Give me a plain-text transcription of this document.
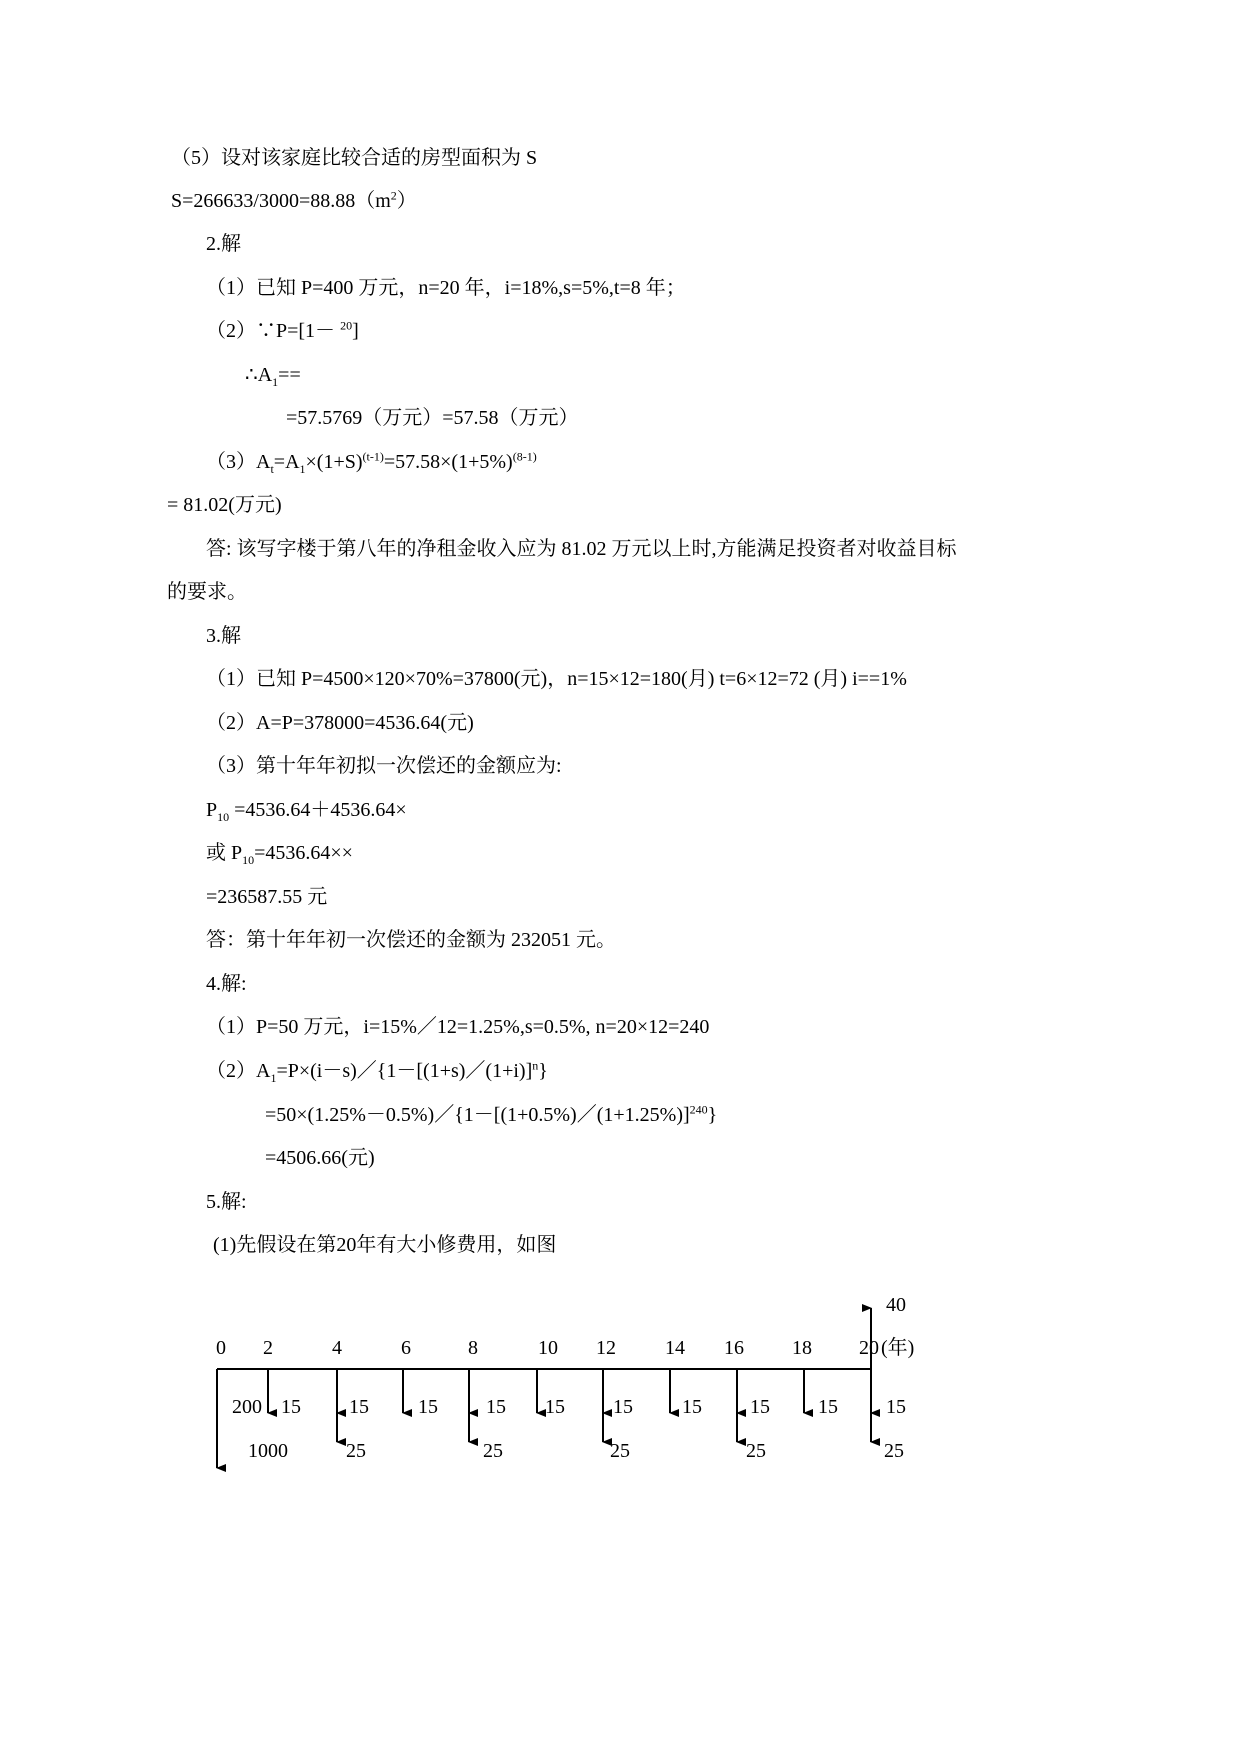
（5）设对该家庭比较合适的房型面积为 S
$S=266633/3000=88.88(m^2)$
2.解
（1）已知 P=400 万元，n=20 年，i=18%,s=5%,t=8 年；
（2）∵P=[1－ $^{20}$]
$\therefore A_1==$
=57.5769（万元）=57.58（万元）
$(3)A_t=A_1\times(1+S)^{(t-1)}=57.58\times(1+5\%)^{(8-1)}$
= 81.02(万元)
答: 该写字楼于第八年的净租金收入应为 81.02 万元以上时,方能满足投资者对收益目标
的要求。
3.解
（1）已知 P=4500×120×70%=37800(元)，n=15×12=180(月) t=6×12=72 (月) i==1%
（2）A=P=378000=4536.64(元)
（3）第十年年初拟一次偿还的金额应为:
$P_{10} =4536.64+4536.64\times$
或 $P_{10}=4536.64\times\times$
=236587.55 元
答：第十年年初一次偿还的金额为 232051 元。
4.解:
（1）P=50 万元，i=15%／12=1.25%,s=0.5%, n=20×12=240
$(2)A_1=P\times(i-s)/\{1-[(1+s)/(1+i)]^n\}$
=50×(1.25%－0.5%)／{1－[(1+0.5%)／(1+1.25%)]$^{240}$}
=4506.66(元)
5.解:
(1)先假设在第20年有大小修费用，如图
0 2	4	6	8	10 12 14 16 18 20 (年)
40
200
1000
15 15 15 15 15 15 15 15 15 15
25	25	25	25	25
